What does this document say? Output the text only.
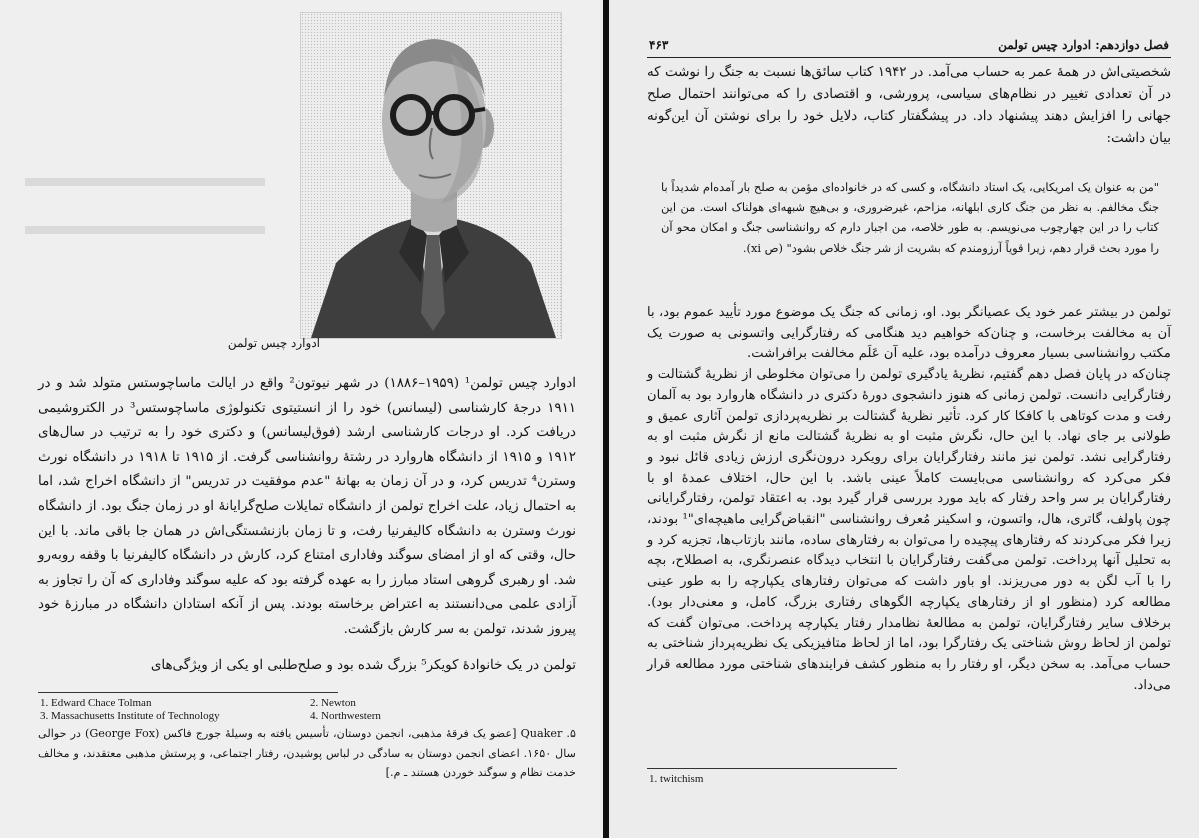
ادوارد چیس تولمن

ادوارد چیس تولمن¹ (۱۹۵۹–۱۸۸۶) در شهر نیوتون² واقع در ایالت ماساچوستس متولد شد و در ۱۹۱۱ درجهٔ کارشناسی (لیسانس) خود را از انستیتوی تکنولوژی ماساچوستس³ در الکتروشیمی دریافت کرد. او درجات کارشناسی ارشد (فوق‌لیسانس) و دکتری خود را به ترتیب در سال‌های ۱۹۱۲ و ۱۹۱۵ از دانشگاه هاروارد در رشتهٔ روانشناسی گرفت. از ۱۹۱۵ تا ۱۹۱۸ در دانشگاه نورث وسترن⁴ تدریس کرد، و در آن زمان به بهانهٔ "عدم موفقیت در تدریس" از دانشگاه اخراج شد، اما به احتمال زیاد، علت اخراج تولمن از دانشگاه تمایلات صلح‌گرایانهٔ او در زمان جنگ بود. از دانشگاه نورث وسترن به دانشگاه کالیفرنیا رفت، و تا زمان بازنشستگی‌اش در همان جا باقی ماند. با این حال، وقتی که او از امضای سوگند وفاداری امتناع کرد، کارش در دانشگاه کالیفرنیا با وقفه روبه‌رو شد. او رهبری گروهی استاد مبارز را به عهده گرفته بود که علیه سوگند وفاداری که آن را تجاوز به آزادی علمی می‌دانستند به اعتراض برخاسته بودند. پس از آنکه استادان دانشگاه در مبارزهٔ خود پیروز شدند، تولمن به سر کارش بازگشت.

تولمن در یک خانوادهٔ کویکر⁵ بزرگ شده بود و صلح‌طلبی او یکی از ویژگی‌های
1. Edward Chace Tolman	2. Newton
3. Massachusetts Institute of Technology	4. Northwestern
۵. Quaker [عضو یک فرقهٔ مذهبی، انجمن دوستان، تأسیس یافته به وسیلهٔ جورج فاکس (George Fox) در حوالی سال ۱۶۵۰. اعضای انجمن دوستان به سادگی در لباس پوشیدن، رفتار اجتماعی، و پرستش مذهبی معتقدند، و مخالف خدمت نظام و سوگند خوردن هستند ـ م.]
فصل دوازدهم: ادوارد چیس تولمن
۴۶۳
شخصیتی‌اش در همهٔ عمر به حساب می‌آمد. در ۱۹۴۲ کتاب سائق‌ها نسبت به جنگ را نوشت که در آن تعدادی تغییر در نظام‌های سیاسی، پرورشی، و اقتصادی را که می‌توانند احتمال صلح جهانی را افزایش دهند پیشنهاد داد. در پیشگفتار کتاب، دلایل خود را برای نوشتن آن این‌گونه بیان داشت:
"من به عنوان یک امریکایی، یک استاد دانشگاه، و کسی که در خانواده‌ای مؤمن به صلح بار آمده‌ام شدیداً با جنگ مخالفم. به نظر من جنگ کاری ابلهانه، مزاحم، غیرضروری، و بی‌هیچ شبهه‌ای هولناک است. من این کتاب را در این چهارچوب می‌نویسم. به طور خلاصه، من اجبار دارم که روانشناسی جنگ و امکان محو آن را مورد بحث قرار دهم، زیرا قویاً آرزومندم که بشریت از شر جنگ خلاص بشود" (ص xi).

تولمن در بیشتر عمر خود یک عصیانگر بود. او، زمانی که جنگ یک موضوع مورد تأیید عموم بود، با آن به مخالفت برخاست، و چنان‌که خواهیم دید هنگامی که رفتارگرایی واتسونی به صورت یک مکتب روانشناسی بسیار معروف درآمده بود، علیه آن عَلَم مخالفت برافراشت.

چنان‌که در پایان فصل دهم گفتیم، نظریهٔ یادگیری تولمن را می‌توان مخلوطی از نظریهٔ گشتالت و رفتارگرایی دانست. تولمن زمانی که هنوز دانشجوی دورهٔ دکتری در دانشگاه هاروارد بود به آلمان رفت و مدت کوتاهی با کافکا کار کرد. تأثیر نظریهٔ گشتالت بر نظریه‌پردازی تولمن آثاری عمیق و طولانی بر جای نهاد. با این حال، نگرش مثبت او به نظریهٔ گشتالت مانع از نگرش مثبت او به رفتارگرایی نشد. تولمن نیز مانند رفتارگرایان برای رویکرد درون‌نگری ارزش زیادی قائل نبود و فکر می‌کرد که روانشناسی می‌بایست کاملاً عینی باشد. با این حال، اختلاف عمدهٔ او با رفتارگرایان بر سر واحد رفتار که باید مورد بررسی قرار گیرد بود. به اعتقاد تولمن، رفتارگرایانی چون پاولف، گاتری، هال، واتسون، و اسکینر مُعرف روانشناسی "انقباض‌گرایی ماهیچه‌ای"¹ بودند، زیرا فکر می‌کردند که رفتارهای پیچیده را می‌توان به رفتارهای ساده، مانند بازتاب‌ها، تجزیه کرد و به تحلیل آنها پرداخت. تولمن می‌گفت رفتارگرایان با انتخاب دیدگاه عنصرنگری، به اصطلاح، بچه را با آب لگن به دور می‌ریزند. او باور داشت که می‌توان رفتارهای یکپارچه را به طور عینی مطالعه کرد (منظور او از رفتارهای یکپارچه الگوهای رفتاری بزرگ، کامل، و معنی‌دار بود). برخلاف سایر رفتارگرایان، تولمن به مطالعهٔ نظامدار رفتار یکپارچه پرداخت. می‌توان گفت که تولمن از لحاظ روش شناختی یک رفتارگرا بود، اما از لحاظ متافیزیکی یک نظریه‌پرداز شناختی به حساب می‌آمد. به سخن دیگر، او رفتار را به منظور کشف فرایندهای شناختی مورد مطالعه قرار می‌داد.

1. twitchism
